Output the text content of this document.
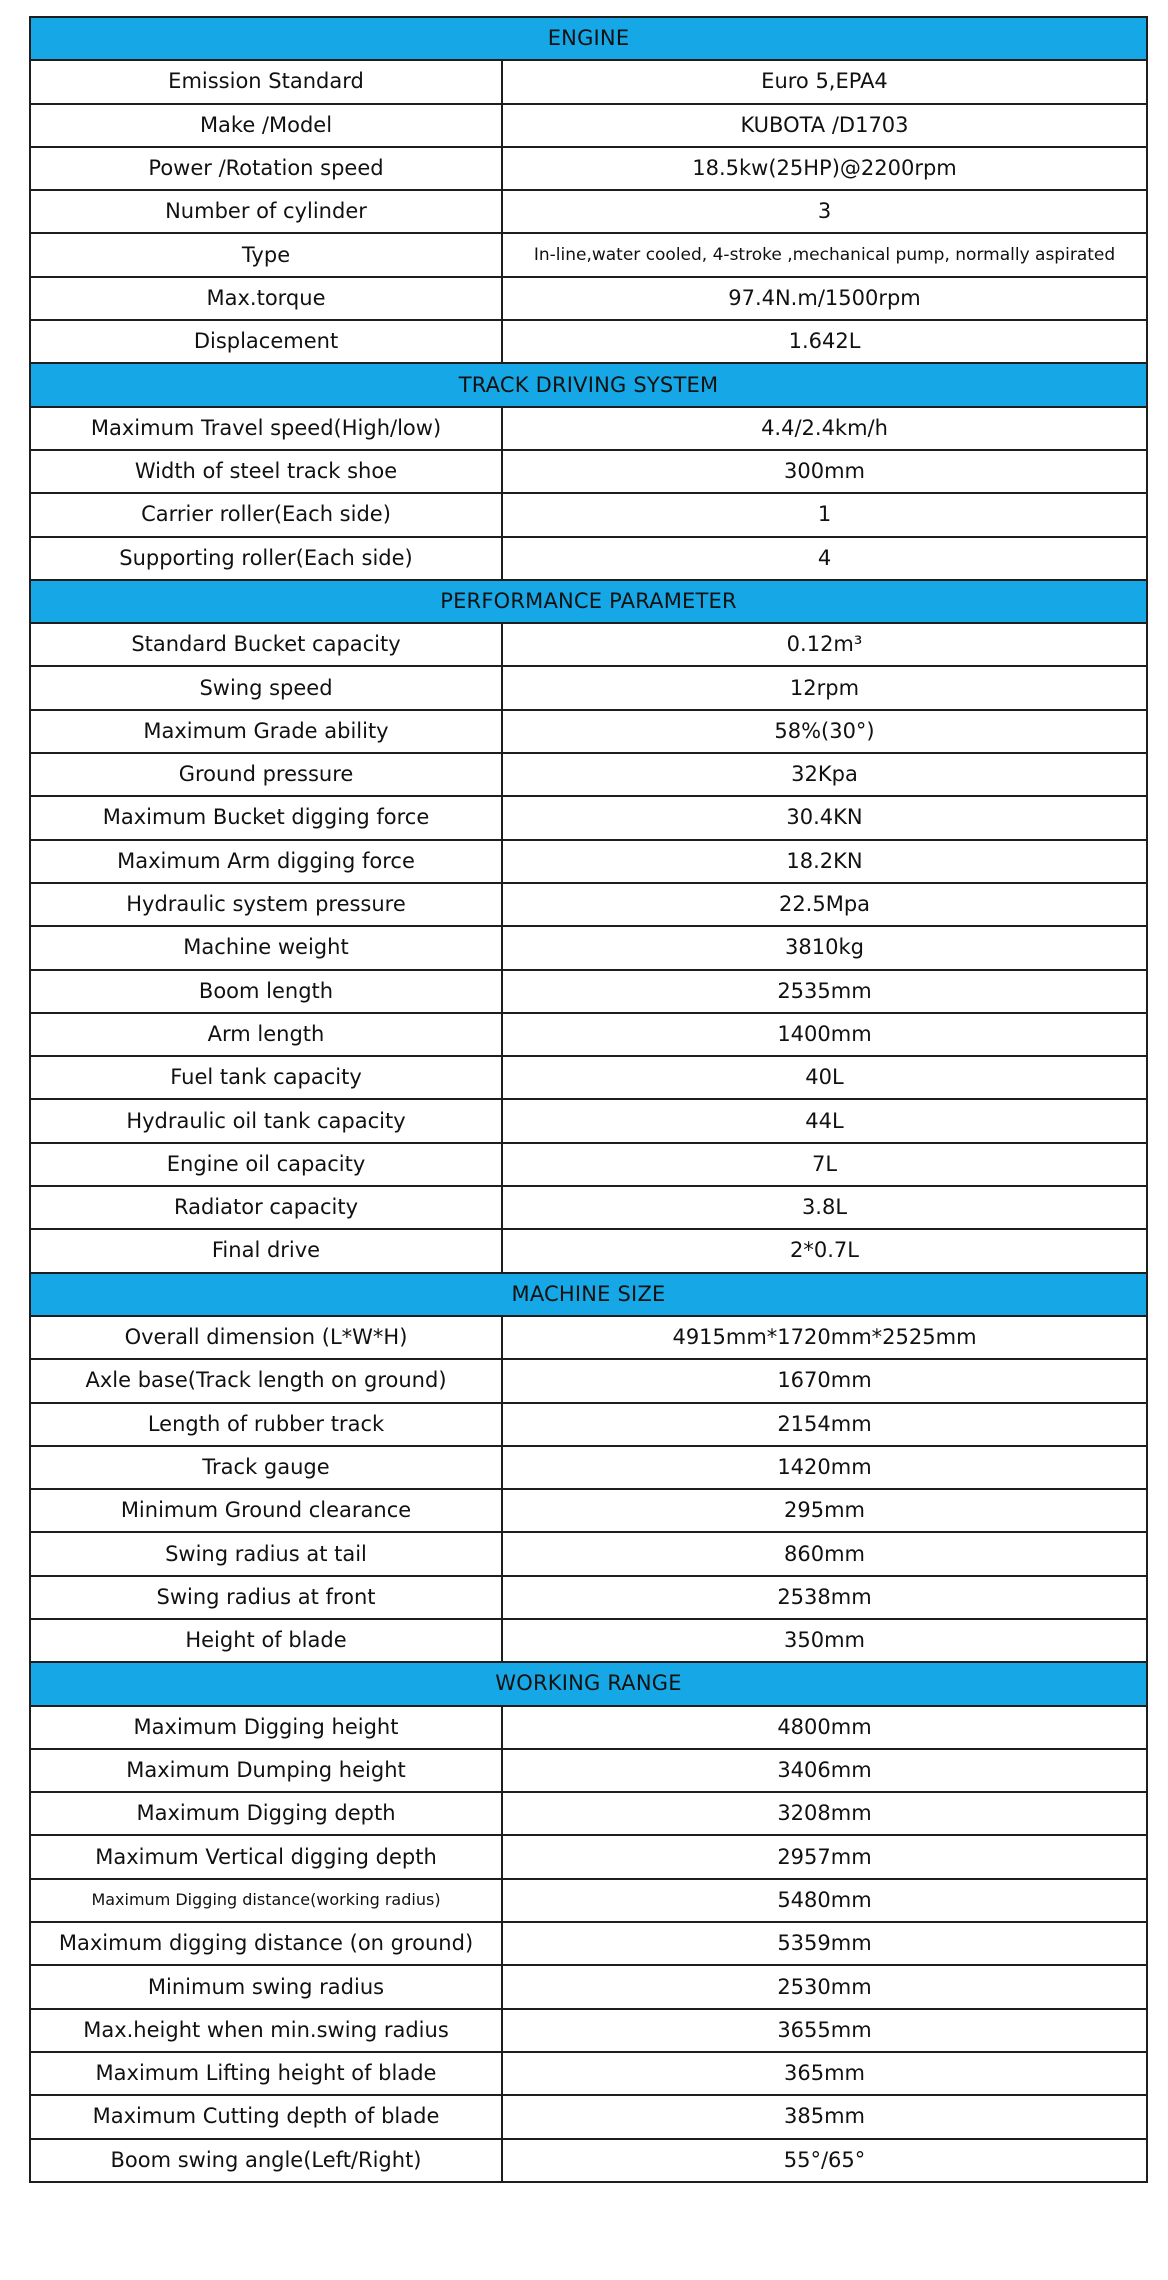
ENGINE	
Emission Standard	Euro 5,EPA4
Make /Model	KUBOTA /D1703
Power /Rotation speed	18.5kw(25HP)@2200rpm
Number of cylinder	3
Type	In-line,water cooled, 4-stroke ,mechanical pump, normally aspirated
Max.torque	97.4N.m/1500rpm
Displacement	1.642L
TRACK DRIVING SYSTEM	
Maximum Travel speed(High/low)	4.4/2.4km/h
Width of steel track shoe	300mm
Carrier roller(Each side)	1
Supporting roller(Each side)	4
PERFORMANCE PARAMETER	
Standard Bucket capacity	0.12m³
Swing speed	12rpm
Maximum Grade ability	58%(30°)
Ground pressure	32Kpa
Maximum Bucket digging force	30.4KN
Maximum Arm digging force	18.2KN
Hydraulic system pressure	22.5Mpa
Machine weight	3810kg
Boom length	2535mm
Arm length	1400mm
Fuel tank capacity	40L
Hydraulic oil tank capacity	44L
Engine oil capacity	7L
Radiator capacity	3.8L
Final drive	2*0.7L
MACHINE SIZE	
Overall dimension (L*W*H)	4915mm*1720mm*2525mm
Axle base(Track length on ground)	1670mm
Length of rubber track	2154mm
Track gauge	1420mm
Minimum Ground clearance	295mm
Swing radius at tail	860mm
Swing radius at front	2538mm
Height of blade	350mm
WORKING RANGE	
Maximum Digging height	4800mm
Maximum Dumping height	3406mm
Maximum Digging depth	3208mm
Maximum Vertical digging depth	2957mm
Maximum Digging distance(working radius)	5480mm
Maximum digging distance (on ground)	5359mm
Minimum swing radius	2530mm
Max.height when min.swing radius	3655mm
Maximum Lifting height of blade	365mm
Maximum Cutting depth of blade	385mm
Boom swing angle(Left/Right)	55°/65°
